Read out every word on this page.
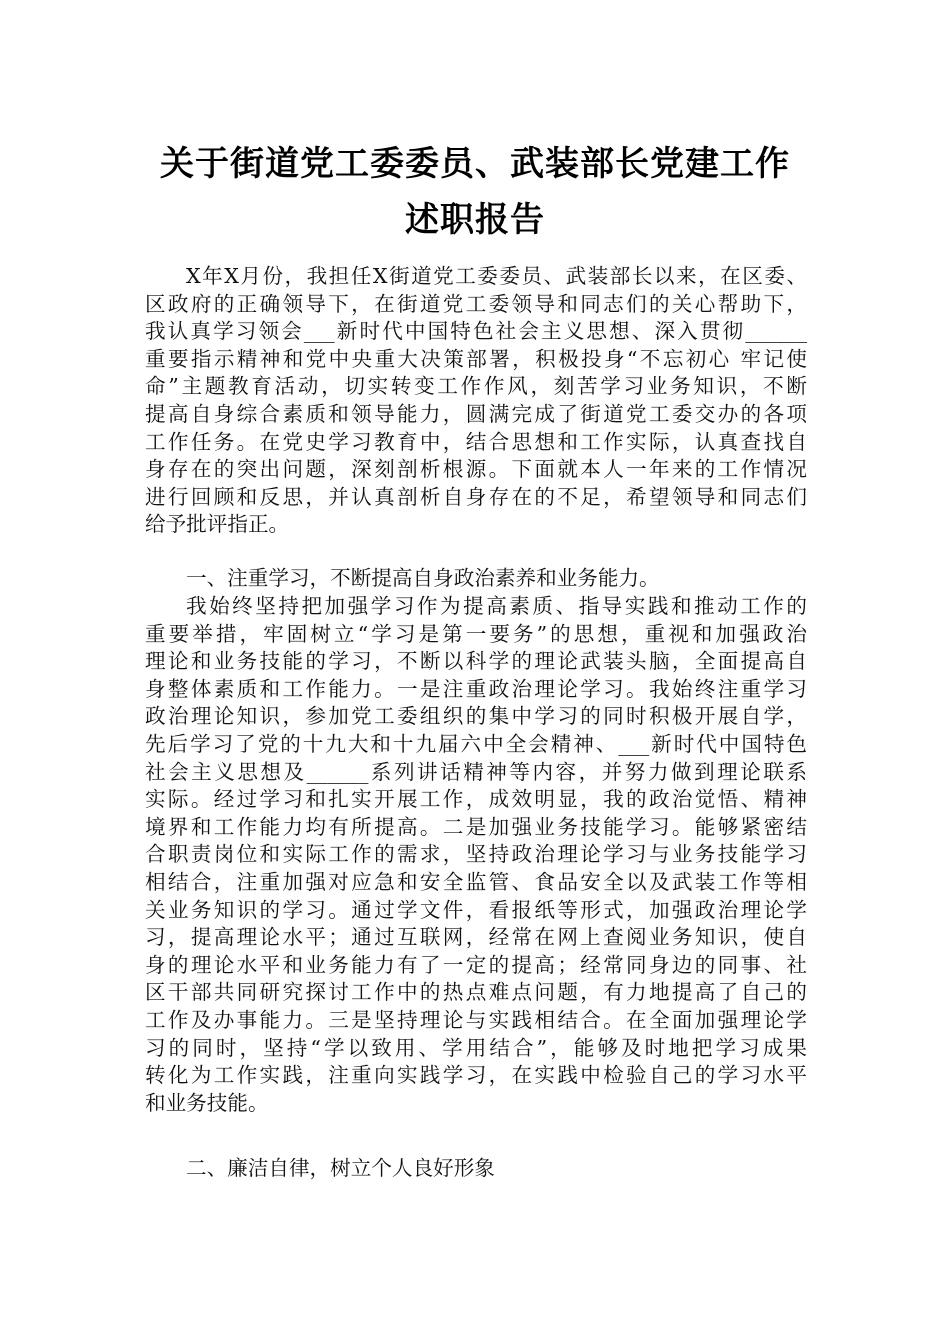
关于街道党工委委员、武装部长党建工作
述职报告
X年X月份，我担任X街道党工委委员、武装部长以来，在区委、
区政府的正确领导下，在街道党工委领导和同志们的关心帮助下，
我认真学习领会___新时代中国特色社会主义思想、深入贯彻______
重要指示精神和党中央重大决策部署，积极投身“不忘初心 牢记使
命”主题教育活动，切实转变工作作风，刻苦学习业务知识，不断
提高自身综合素质和领导能力，圆满完成了街道党工委交办的各项
工作任务。在党史学习教育中，结合思想和工作实际，认真查找自
身存在的突出问题，深刻剖析根源。下面就本人一年来的工作情况
进行回顾和反思，并认真剖析自身存在的不足，希望领导和同志们
给予批评指正。
一、注重学习，不断提高自身政治素养和业务能力。
我始终坚持把加强学习作为提高素质、指导实践和推动工作的
重要举措，牢固树立“学习是第一要务”的思想，重视和加强政治
理论和业务技能的学习，不断以科学的理论武装头脑，全面提高自
身整体素质和工作能力。一是注重政治理论学习。我始终注重学习
政治理论知识，参加党工委组织的集中学习的同时积极开展自学，
先后学习了党的十九大和十九届六中全会精神、___新时代中国特色
社会主义思想及______系列讲话精神等内容，并努力做到理论联系
实际。经过学习和扎实开展工作，成效明显，我的政治觉悟、精神
境界和工作能力均有所提高。二是加强业务技能学习。能够紧密结
合职责岗位和实际工作的需求，坚持政治理论学习与业务技能学习
相结合，注重加强对应急和安全监管、食品安全以及武装工作等相
关业务知识的学习。通过学文件，看报纸等形式，加强政治理论学
习，提高理论水平；通过互联网，经常在网上查阅业务知识，使自
身的理论水平和业务能力有了一定的提高；经常同身边的同事、社
区干部共同研究探讨工作中的热点难点问题，有力地提高了自己的
工作及办事能力。三是坚持理论与实践相结合。在全面加强理论学
习的同时，坚持“学以致用、学用结合”，能够及时地把学习成果
转化为工作实践，注重向实践学习，在实践中检验自己的学习水平
和业务技能。
二、廉洁自律，树立个人良好形象
